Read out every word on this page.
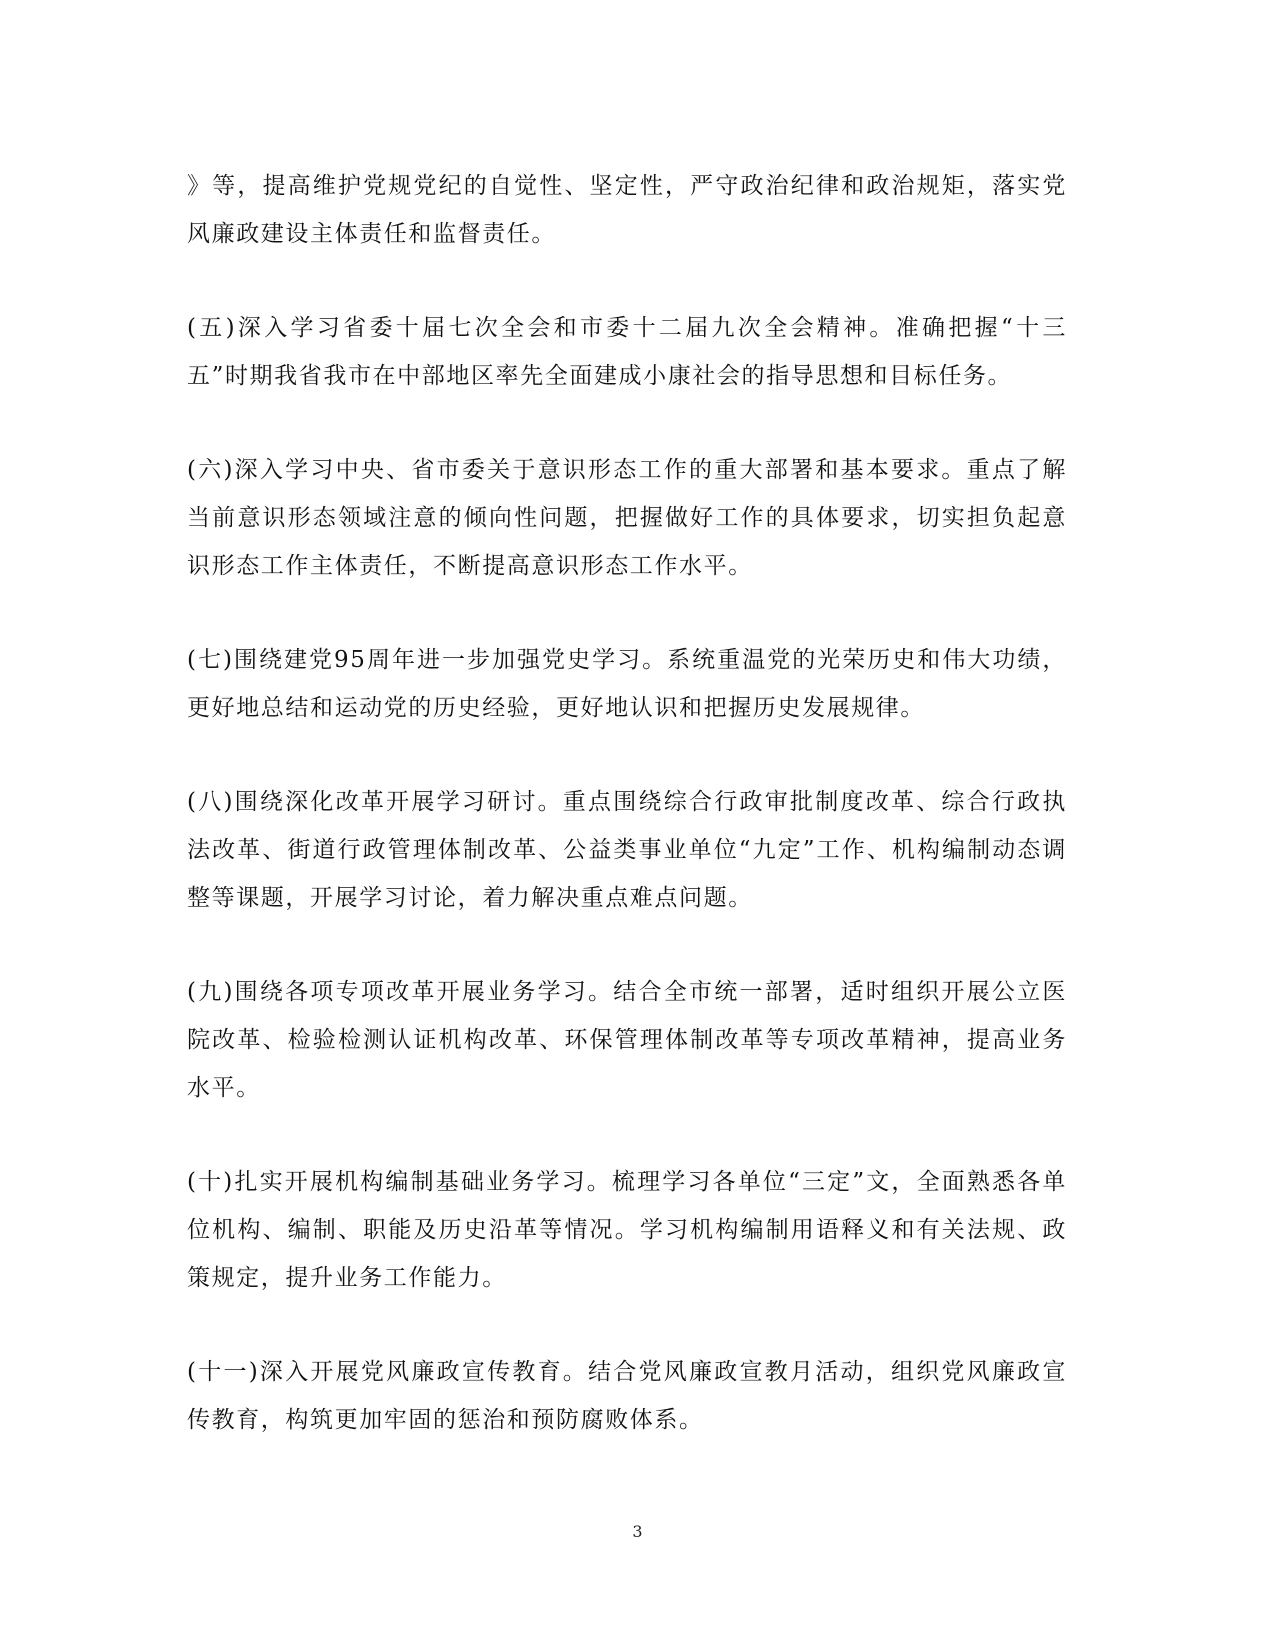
》等，提高维护党规党纪的自觉性、坚定性，严守政治纪律和政治规矩，落实党风廉政建设主体责任和监督责任。

(五)深入学习省委十届七次全会和市委十二届九次全会精神。准确把握“十三五”时期我省我市在中部地区率先全面建成小康社会的指导思想和目标任务。

(六)深入学习中央、省市委关于意识形态工作的重大部署和基本要求。重点了解当前意识形态领域注意的倾向性问题，把握做好工作的具体要求，切实担负起意识形态工作主体责任，不断提高意识形态工作水平。

(七)围绕建党95周年进一步加强党史学习。系统重温党的光荣历史和伟大功绩，更好地总结和运动党的历史经验，更好地认识和把握历史发展规律。

(八)围绕深化改革开展学习研讨。重点围绕综合行政审批制度改革、综合行政执法改革、街道行政管理体制改革、公益类事业单位“九定”工作、机构编制动态调整等课题，开展学习讨论，着力解决重点难点问题。

(九)围绕各项专项改革开展业务学习。结合全市统一部署，适时组织开展公立医院改革、检验检测认证机构改革、环保管理体制改革等专项改革精神，提高业务水平。

(十)扎实开展机构编制基础业务学习。梳理学习各单位“三定”文，全面熟悉各单位机构、编制、职能及历史沿革等情况。学习机构编制用语释义和有关法规、政策规定，提升业务工作能力。

(十一)深入开展党风廉政宣传教育。结合党风廉政宣教月活动，组织党风廉政宣传教育，构筑更加牢固的惩治和预防腐败体系。

3
